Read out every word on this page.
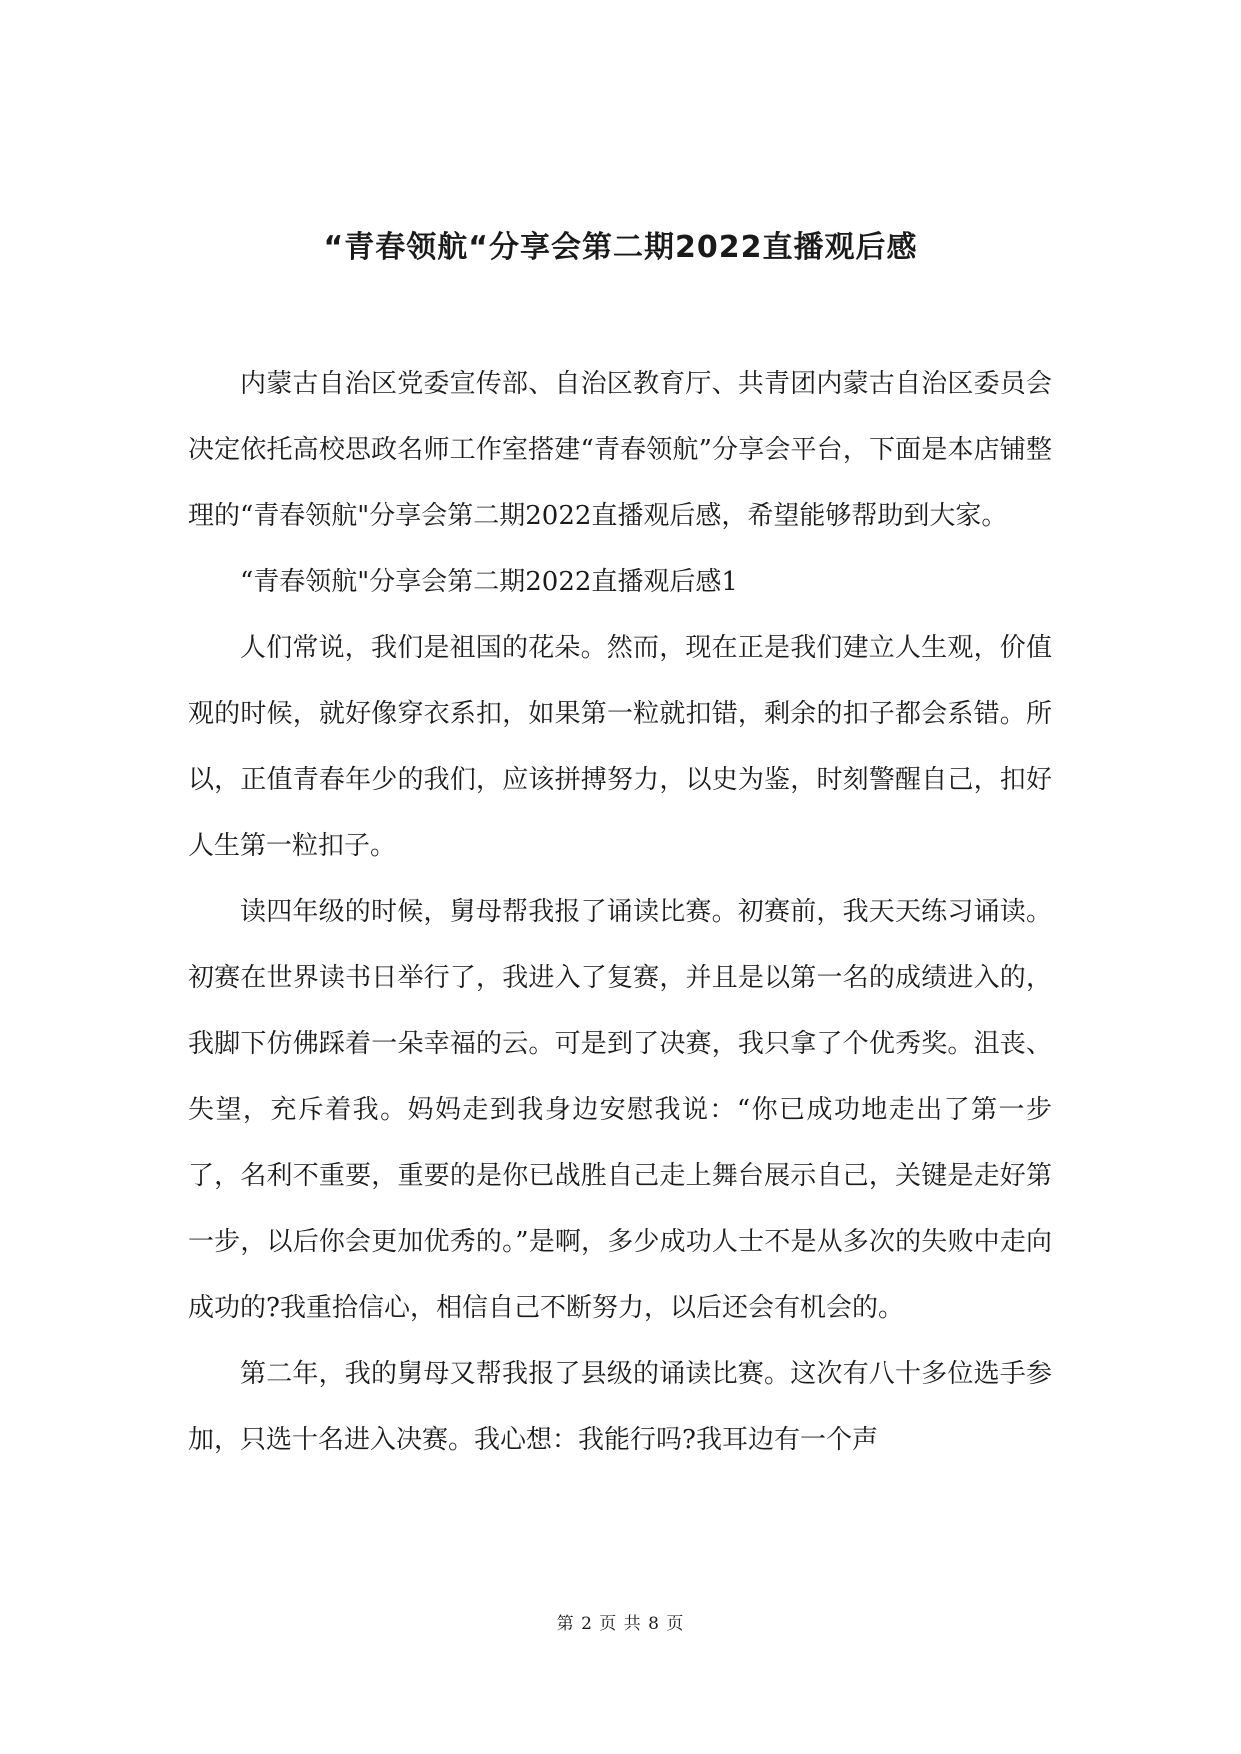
“青春领航“分享会第二期2022直播观后感

内蒙古自治区党委宣传部、自治区教育厅、共青团内蒙古自治区委员会决定依托高校思政名师工作室搭建“青春领航”分享会平台，下面是本店铺整理的“青春领航"分享会第二期2022直播观后感，希望能够帮助到大家。

“青春领航"分享会第二期2022直播观后感1

人们常说，我们是祖国的花朵。然而，现在正是我们建立人生观，价值观的时候，就好像穿衣系扣，如果第一粒就扣错，剩余的扣子都会系错。所以，正值青春年少的我们，应该拼搏努力，以史为鉴，时刻警醒自己，扣好人生第一粒扣子。

读四年级的时候，舅母帮我报了诵读比赛。初赛前，我天天练习诵读。初赛在世界读书日举行了，我进入了复赛，并且是以第一名的成绩进入的，我脚下仿佛踩着一朵幸福的云。可是到了决赛，我只拿了个优秀奖。沮丧、失望，充斥着我。妈妈走到我身边安慰我说：“你已成功地走出了第一步了，名利不重要，重要的是你已战胜自己走上舞台展示自己，关键是走好第一步，以后你会更加优秀的。”是啊，多少成功人士不是从多次的失败中走向成功的?我重拾信心，相信自己不断努力，以后还会有机会的。

第二年，我的舅母又帮我报了县级的诵读比赛。这次有八十多位选手参加，只选十名进入决赛。我心想：我能行吗?我耳边有一个声

第 2 页 共 8 页
